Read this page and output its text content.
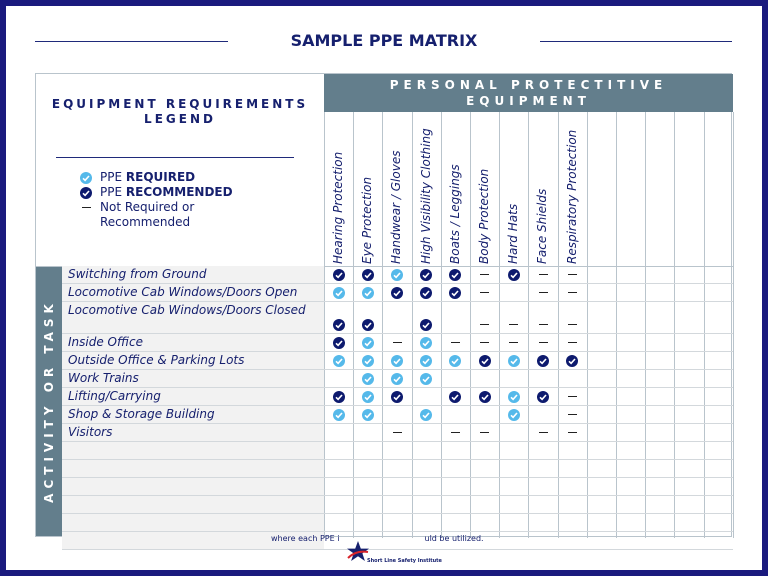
SAMPLE PPE MATRIX
EQUIPMENT REQUIREMENTS LEGEND
PPE REQUIRED
PPE RECOMMENDED
Not Required or Recommended
PERSONAL PROTECTITIVE EQUIPMENT
ACTIVITY OR TASK
Hearing Protection Eye Protection Handwear / Gloves High Visibility Clothing Boats / Leggings Body Protection Hard Hats Face Shields Respiratory Protection
Switching from Ground
Locomotive Cab Windows/Doors Open
Locomotive Cab Windows/Doors Closed
Inside Office
Outside Office & Parking Lots
Work Trains
Lifting/Carrying
Shop & Storage Building
Visitors
where each PPE i	uld be utilized.
Short Line Safety Institute
